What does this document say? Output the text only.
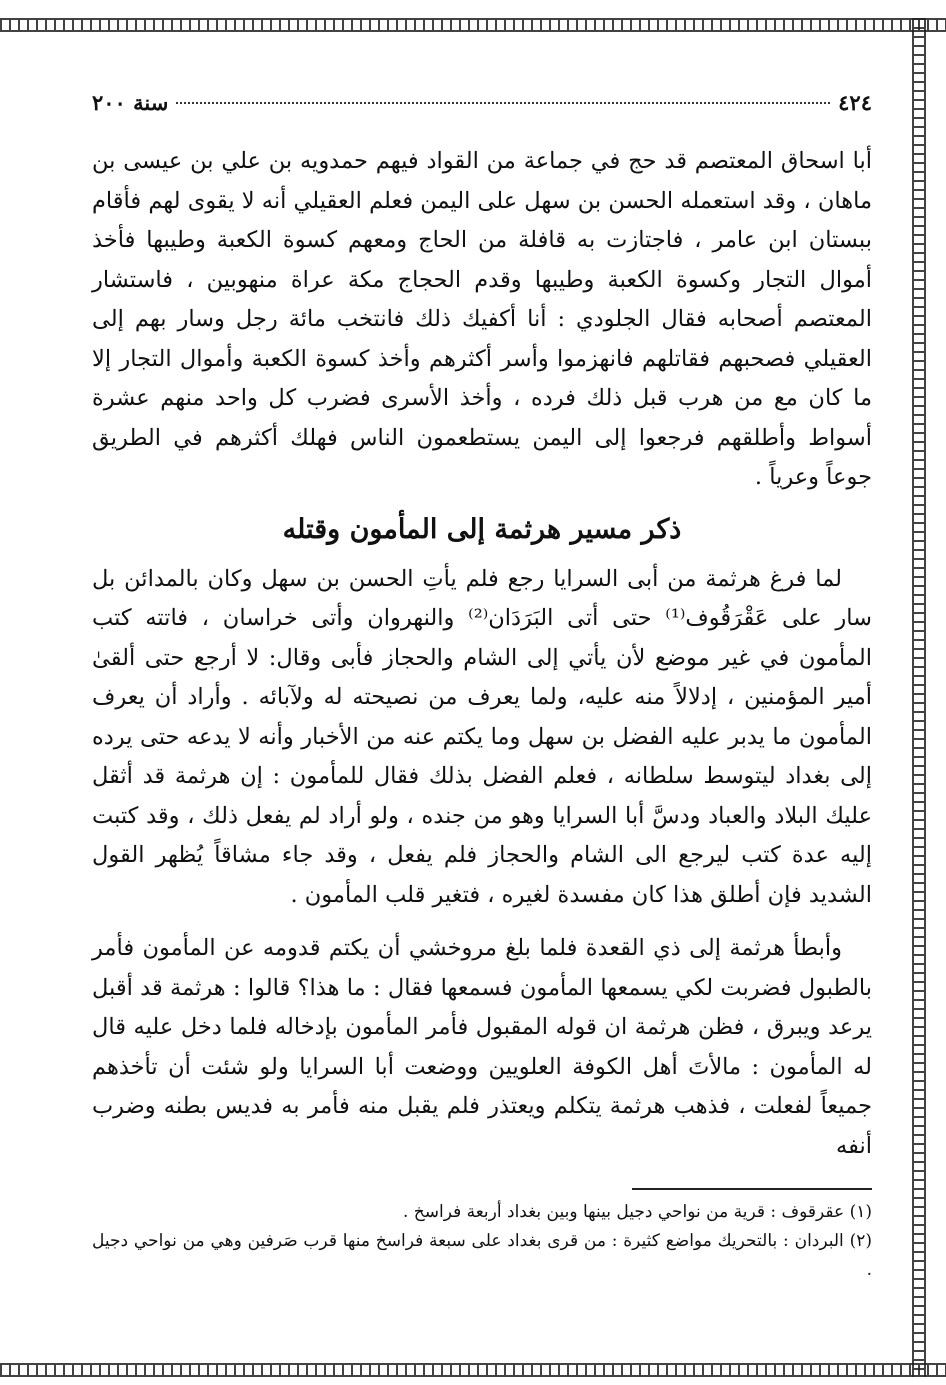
٤٢٤
سنة ٢٠٠

أبا اسحاق المعتصم قد حج في جماعة من القواد فيهم حمدويه بن علي بن عيسى بن ماهان ، وقد استعمله الحسن بن سهل على اليمن فعلم العقيلي أنه لا يقوى لهم فأقام ببستان ابن عامر ، فاجتازت به قافلة من الحاج ومعهم كسوة الكعبة وطيبها فأخذ أموال التجار وكسوة الكعبة وطيبها وقدم الحجاج مكة عراة منهوبين ، فاستشار المعتصم أصحابه فقال الجلودي : أنا أكفيك ذلك فانتخب مائة رجل وسار بهم إلى العقيلي فصحبهم فقاتلهم فانهزموا وأسر أكثرهم وأخذ كسوة الكعبة وأموال التجار إلا ما كان مع من هرب قبل ذلك فرده ، وأخذ الأسرى فضرب كل واحد منهم عشرة أسواط وأطلقهم فرجعوا إلى اليمن يستطعمون الناس فهلك أكثرهم في الطريق جوعاً وعرياً .

ذكر مسير هرثمة إلى المأمون وقتله

لما فرغ هرثمة من أبى السرايا رجع فلم يأتِ الحسن بن سهل وكان بالمدائن بل سار على عَقْرَقُوف⁽¹⁾ حتى أتى البَرَدَان⁽²⁾ والنهروان وأتى خراسان ، فاتته كتب المأمون في غير موضع لأن يأتي إلى الشام والحجاز فأبى وقال: لا أرجع حتى ألقىٰ أمير المؤمنين ، إدلالاً منه عليه، ولما يعرف من نصيحته له ولآبائه . وأراد أن يعرف المأمون ما يدبر عليه الفضل بن سهل وما يكتم عنه من الأخبار وأنه لا يدعه حتى يرده إلى بغداد ليتوسط سلطانه ، فعلم الفضل بذلك فقال للمأمون : إن هرثمة قد أثقل عليك البلاد والعباد ودسَّ أبا السرايا وهو من جنده ، ولو أراد لم يفعل ذلك ، وقد كتبت إليه عدة كتب ليرجع الى الشام والحجاز فلم يفعل ، وقد جاء مشاقاً يُظهر القول الشديد فإن أطلق هذا كان مفسدة لغيره ، فتغير قلب المأمون .

وأبطأ هرثمة إلى ذي القعدة فلما بلغ مروخشي أن يكتم قدومه عن المأمون فأمر بالطبول فضربت لكي يسمعها المأمون فسمعها فقال : ما هذا؟ قالوا : هرثمة قد أقبل يرعد ويبرق ، فظن هرثمة ان قوله المقبول فأمر المأمون بإدخاله فلما دخل عليه قال له المأمون : مالأتَ أهل الكوفة العلويين ووضعت أبا السرايا ولو شئت أن تأخذهم جميعاً لفعلت ، فذهب هرثمة يتكلم ويعتذر فلم يقبل منه فأمر به فديس بطنه وضرب أنفه

(١) عقرقوف : قرية من نواحي دجيل بينها وبين بغداد أربعة فراسخ .

(٢) البردان : بالتحريك مواضع كثيرة : من قرى بغداد على سبعة فراسخ منها قرب صَرفين وهي من نواحي دجيل .
